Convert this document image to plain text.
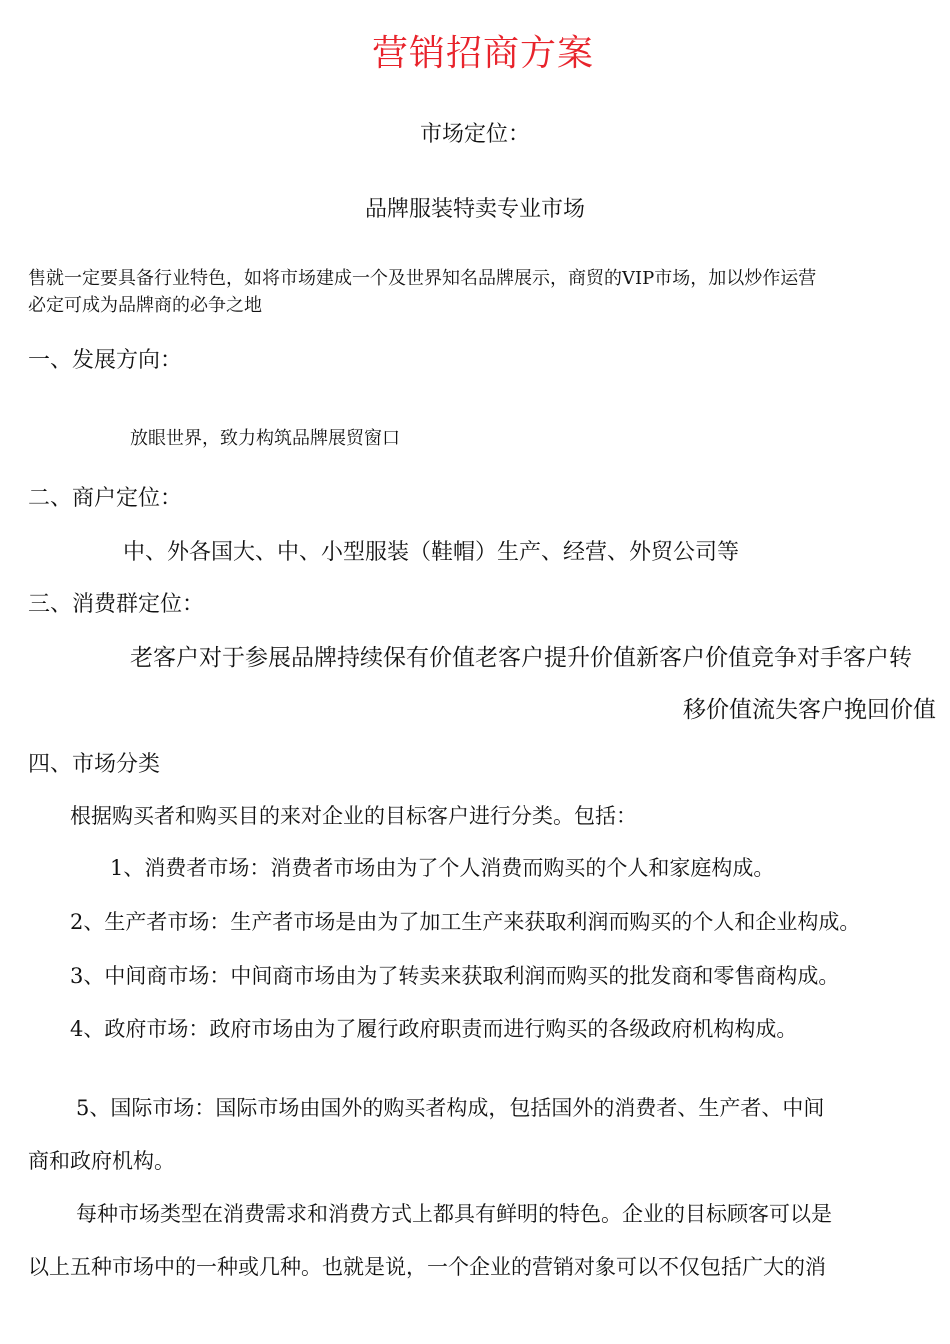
营销招商方案
市场定位：
品牌服装特卖专业市场
售就一定要具备行业特色，如将市场建成一个及世界知名品牌展示，商贸的VIP市场，加以炒作运营
必定可成为品牌商的必争之地
一、发展方向：
放眼世界，致力构筑品牌展贸窗口
二、商户定位：
中、外各国大、中、小型服装（鞋帽）生产、经营、外贸公司等
三、消费群定位：
老客户对于参展品牌持续保有价值老客户提升价值新客户价值竞争对手客户转
移价值流失客户挽回价值
四、市场分类
根据购买者和购买目的来对企业的目标客户进行分类。包括：
1、消费者市场：消费者市场由为了个人消费而购买的个人和家庭构成。
2、生产者市场：生产者市场是由为了加工生产来获取利润而购买的个人和企业构成。
3、中间商市场：中间商市场由为了转卖来获取利润而购买的批发商和零售商构成。
4、政府市场：政府市场由为了履行政府职责而进行购买的各级政府机构构成。
5、国际市场：国际市场由国外的购买者构成，包括国外的消费者、生产者、中间
商和政府机构。
每种市场类型在消费需求和消费方式上都具有鲜明的特色。企业的目标顾客可以是
以上五种市场中的一种或几种。也就是说，一个企业的营销对象可以不仅包括广大的消
